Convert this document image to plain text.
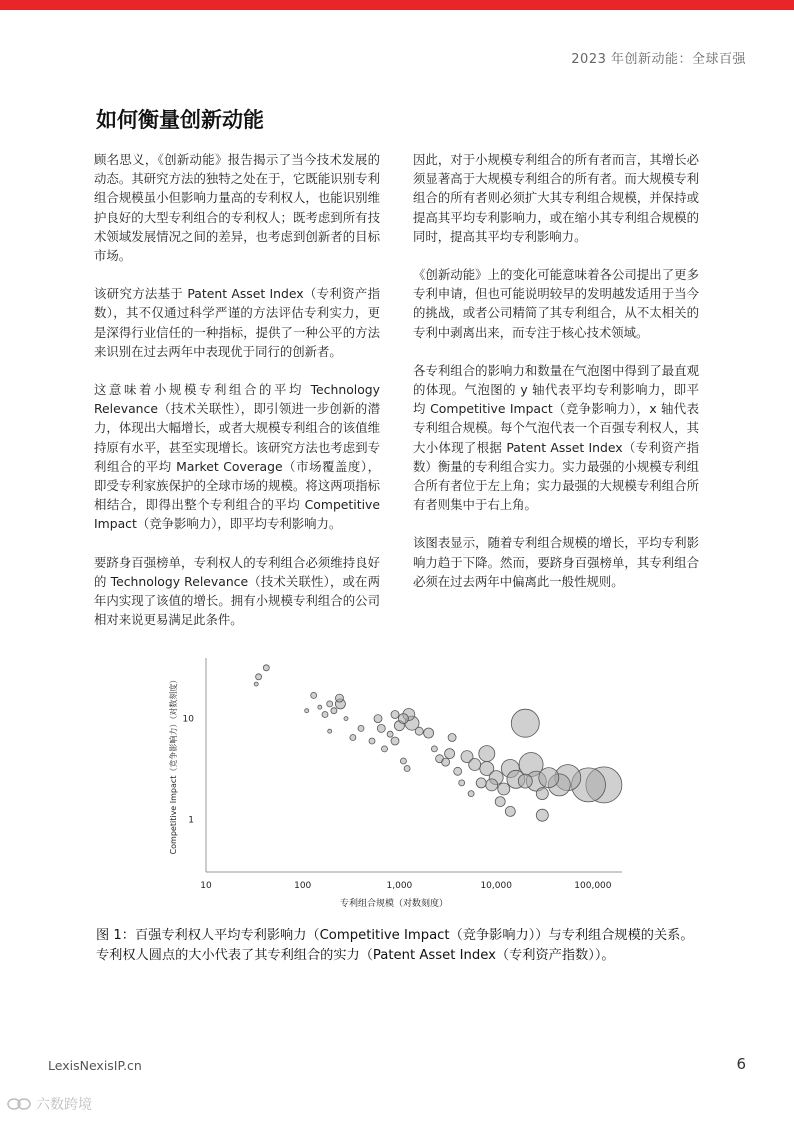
2023 年创新动能：全球百强
如何衡量创新动能

顾名思义，《创新动能》报告揭示了当今技术发展的动态。其研究方法的独特之处在于，它既能识别专利组合规模虽小但影响力量高的专利权人，也能识别维护良好的大型专利组合的专利权人；既考虑到所有技术领域发展情况之间的差异，也考虑到创新者的目标市场。

该研究方法基于 Patent Asset Index（专利资产指数），其不仅通过科学严谨的方法评估专利实力，更是深得行业信任的一种指标，提供了一种公平的方法来识别在过去两年中表现优于同行的创新者。

这意味着小规模专利组合的平均 Technology Relevance（技术关联性），即引领进一步创新的潜力，体现出大幅增长，或者大规模专利组合的该值维持原有水平，甚至实现增长。该研究方法也考虑到专利组合的平均 Market Coverage（市场覆盖度），即受专利家族保护的全球市场的规模。将这两项指标相结合，即得出整个专利组合的平均 Competitive Impact（竞争影响力），即平均专利影响力。

要跻身百强榜单，专利权人的专利组合必须维持良好的 Technology Relevance（技术关联性），或在两年内实现了该值的增长。拥有小规模专利组合的公司相对来说更易满足此条件。

因此，对于小规模专利组合的所有者而言，其增长必须显著高于大规模专利组合的所有者。而大规模专利组合的所有者则必须扩大其专利组合规模，并保持或提高其平均专利影响力，或在缩小其专利组合规模的同时，提高其平均专利影响力。

《创新动能》上的变化可能意味着各公司提出了更多专利申请，但也可能说明较早的发明越发适用于当今的挑战，或者公司精简了其专利组合，从不太相关的专利中剥离出来，而专注于核心技术领域。

各专利组合的影响力和数量在气泡图中得到了最直观的体现。气泡图的 y 轴代表平均专利影响力，即平均 Competitive Impact（竞争影响力），x 轴代表专利组合规模。每个气泡代表一个百强专利权人，其大小体现了根据 Patent Asset Index（专利资产指数）衡量的专利组合实力。实力最强的小规模专利组合所有者位于左上角；实力最强的大规模专利组合所有者则集中于右上角。

该图表显示，随着专利组合规模的增长，平均专利影响力趋于下降。然而，要跻身百强榜单，其专利组合必须在过去两年中偏离此一般性规则。

10	100	1,000	10,000	100,000
1
10
专利组合规模（对数刻度）
Competitive Impact（竞争影响力）（对数刻度）
图 1：百强专利权人平均专利影响力（Competitive Impact（竞争影响力））与专利组合规模的关系。专利权人圆点的大小代表了其专利组合的实力（Patent Asset Index（专利资产指数））。
LexisNexisIP.cn	6
六数跨境
